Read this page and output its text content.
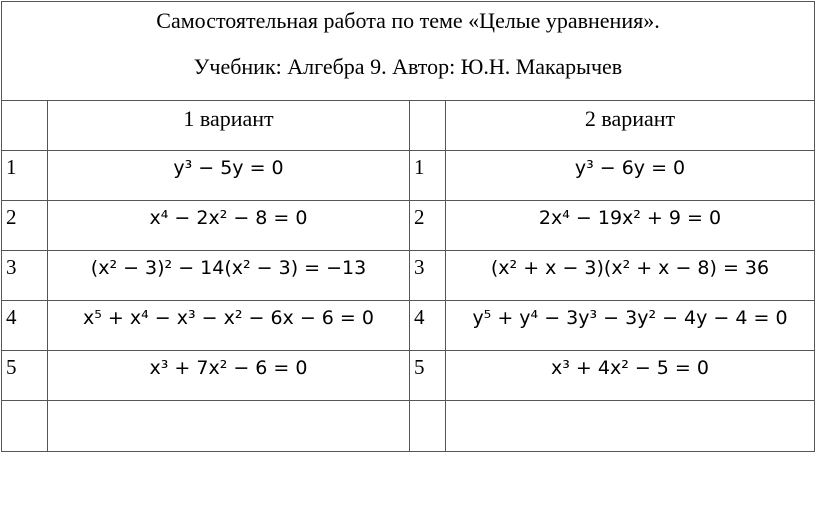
Самостоятельная работа по теме «Целые уравнения».
Учебник: Алгебра 9. Автор: Ю.Н. Макарычев			

	1 вариант		2 вариант

1	y³ − 5y = 0	1	y³ − 6y = 0

2	x⁴ − 2x² − 8 = 0	2	2x⁴ − 19x² + 9 = 0

3	(x² − 3)² − 14(x² − 3) = −13	3	(x² + x − 3)(x² + x − 8) = 36

4	x⁵ + x⁴ − x³ − x² − 6x − 6 = 0	4	y⁵ + y⁴ − 3y³ − 3y² − 4y − 4 = 0

5	x³ + 7x² − 6 = 0	5	x³ + 4x² − 5 = 0
